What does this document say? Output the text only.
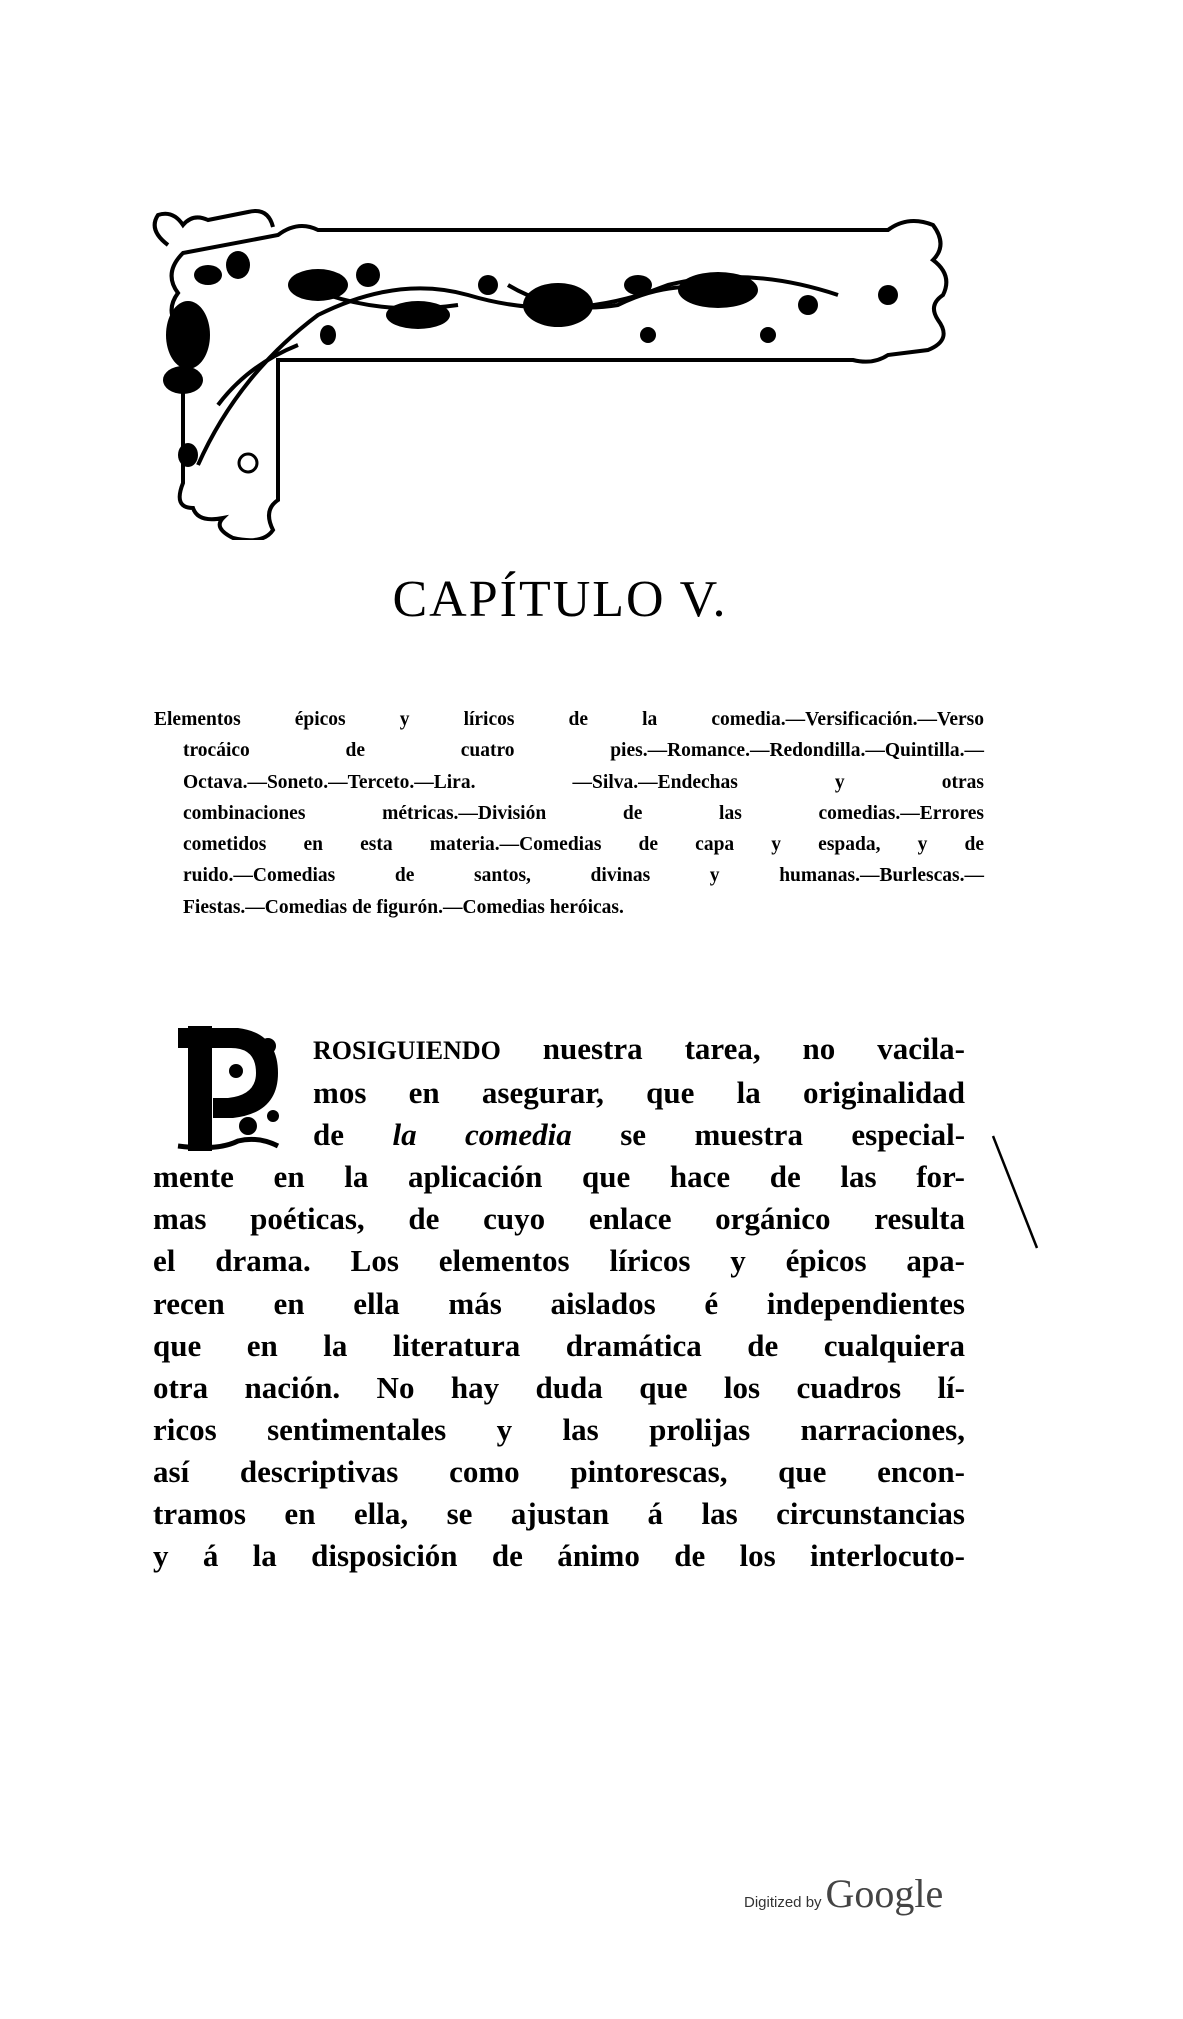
CAPÍTULO V.
Elementos épicos y líricos de la comedia.—Versificación.—Verso
trocáico de cuatro pies.—Romance.—Redondilla.—Quintilla.—
Octava.—Soneto.—Terceto.—Lira. —Silva.—Endechas y otras
combinaciones métricas.—División de las comedias.—Errores
cometidos en esta materia.—Comedias de capa y espada, y de
ruido.—Comedias de santos, divinas y humanas.—Burlescas.—
Fiestas.—Comedias de figurón.—Comedias heróicas.
P
ROSIGUIENDO nuestra tarea, no vacila-
mos en asegurar, que la originalidad
de la comedia se muestra especial-
mente en la aplicación que hace de las for-
mas poéticas, de cuyo enlace orgánico resulta
el drama. Los elementos líricos y épicos apa-
recen en ella más aislados é independientes
que en la literatura dramática de cualquiera
otra nación. No hay duda que los cuadros lí-
ricos sentimentales y las prolijas narraciones,
así descriptivas como pintorescas, que encon-
tramos en ella, se ajustan á las circunstancias
y á la disposición de ánimo de los interlocuto-
Digitized by Google
